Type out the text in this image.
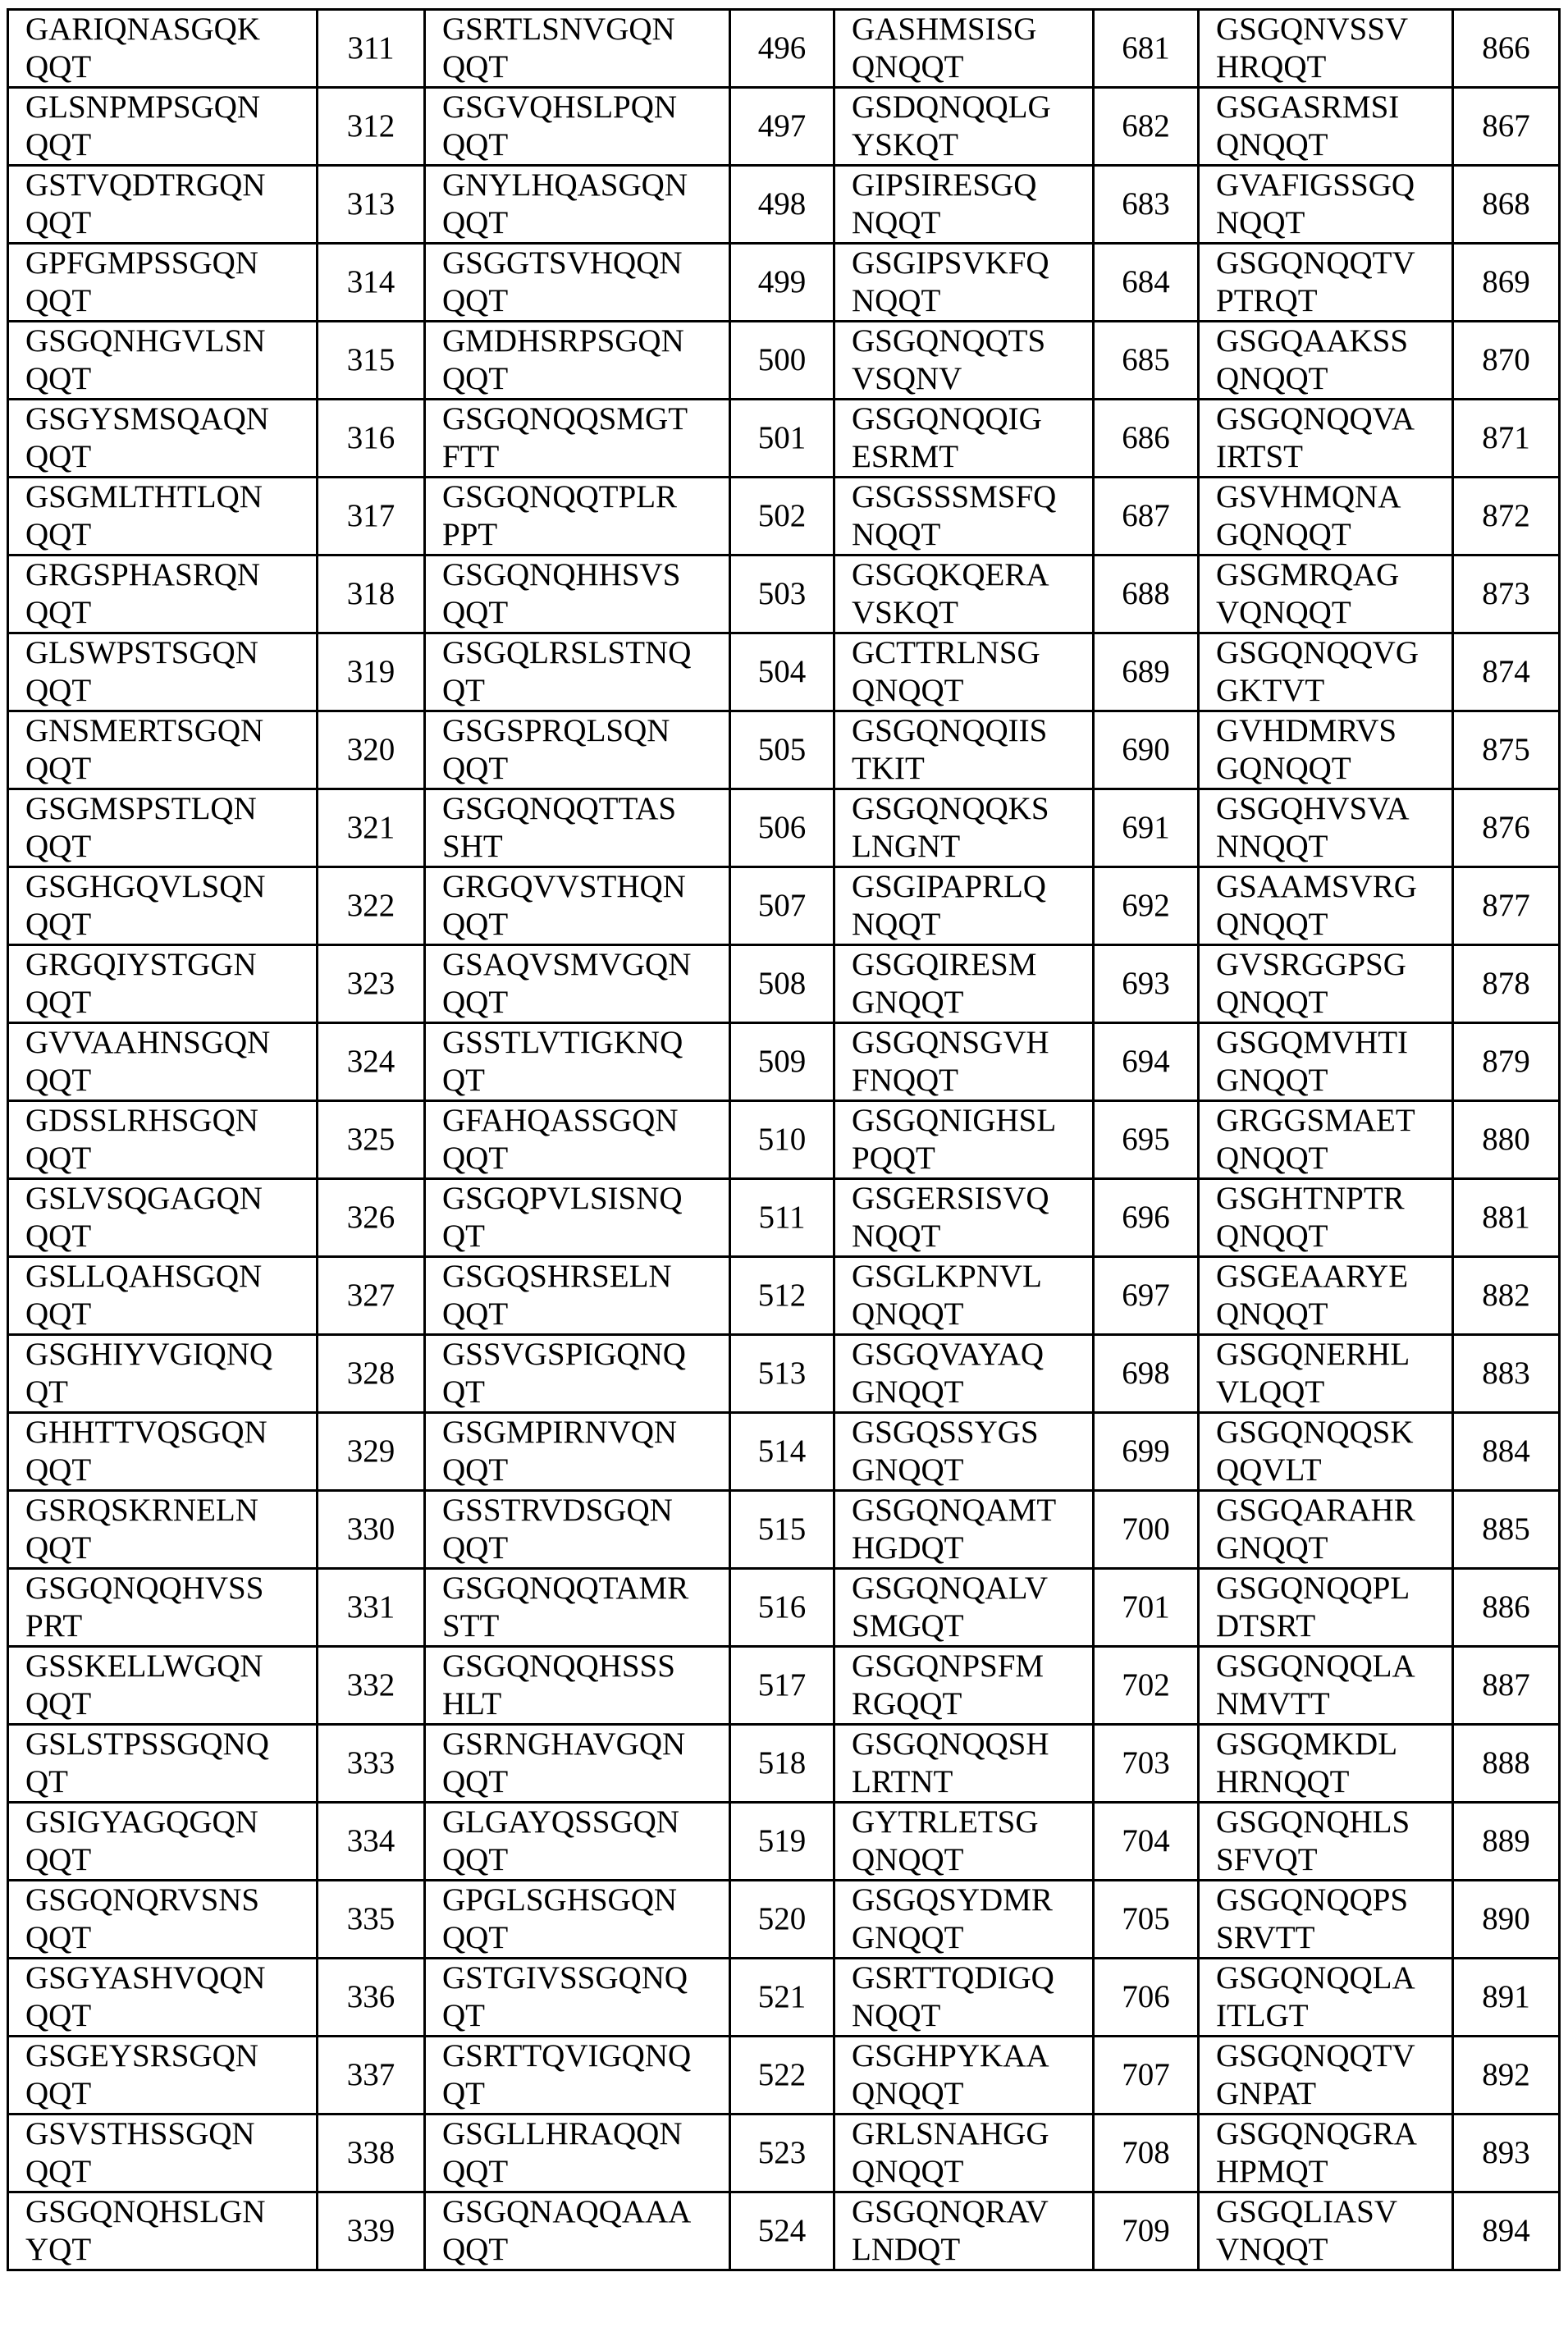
GARIQNASGQK
QQT
	311	
GSRTLSNVGQN
QQT
	496	
GASHMSISG
QNQQT
	681	
GSGQNVSSV
HRQQT
	866

GLSNPMPSGQN
QQT
	312	
GSGVQHSLPQN
QQT
	497	
GSDQNQQLG
YSKQT
	682	
GSGASRMSI
QNQQT
	867

GSTVQDTRGQN
QQT
	313	
GNYLHQASGQN
QQT
	498	
GIPSIRESGQ
NQQT
	683	
GVAFIGSSGQ
NQQT
	868

GPFGMPSSGQN
QQT
	314	
GSGGTSVHQQN
QQT
	499	
GSGIPSVKFQ
NQQT
	684	
GSGQNQQTV
PTRQT
	869

GSGQNHGVLSN
QQT
	315	
GMDHSRPSGQN
QQT
	500	
GSGQNQQTS
VSQNV
	685	
GSGQAAKSS
QNQQT
	870

GSGYSMSQAQN
QQT
	316	
GSGQNQQSMGT
FTT
	501	
GSGQNQQIG
ESRMT
	686	
GSGQNQQVA
IRTST
	871

GSGMLTHTLQN
QQT
	317	
GSGQNQQTPLR
PPT
	502	
GSGSSSMSFQ
NQQT
	687	
GSVHMQNA
GQNQQT
	872

GRGSPHASRQN
QQT
	318	
GSGQNQHHSVS
QQT
	503	
GSGQKQERA
VSKQT
	688	
GSGMRQAG
VQNQQT
	873

GLSWPSTSGQN
QQT
	319	
GSGQLRSLSTNQ
QT
	504	
GCTTRLNSG
QNQQT
	689	
GSGQNQQVG
GKTVT
	874

GNSMERTSGQN
QQT
	320	
GSGSPRQLSQN
QQT
	505	
GSGQNQQIIS
TKIT
	690	
GVHDMRVS
GQNQQT
	875

GSGMSPSTLQN
QQT
	321	
GSGQNQQTTAS
SHT
	506	
GSGQNQQKS
LNGNT
	691	
GSGQHVSVA
NNQQT
	876

GSGHGQVLSQN
QQT
	322	
GRGQVVSTHQN
QQT
	507	
GSGIPAPRLQ
NQQT
	692	
GSAAMSVRG
QNQQT
	877

GRGQIYSTGGN
QQT
	323	
GSAQVSMVGQN
QQT
	508	
GSGQIRESM
GNQQT
	693	
GVSRGGPSG
QNQQT
	878

GVVAAHNSGQN
QQT
	324	
GSSTLVTIGKNQ
QT
	509	
GSGQNSGVH
FNQQT
	694	
GSGQMVHTI
GNQQT
	879

GDSSLRHSGQN
QQT
	325	
GFAHQASSGQN
QQT
	510	
GSGQNIGHSL
PQQT
	695	
GRGGSMAET
QNQQT
	880

GSLVSQGAGQN
QQT
	326	
GSGQPVLSISNQ
QT
	511	
GSGERSISVQ
NQQT
	696	
GSGHTNPTR
QNQQT
	881

GSLLQAHSGQN
QQT
	327	
GSGQSHRSELN
QQT
	512	
GSGLKPNVL
QNQQT
	697	
GSGEAARYE
QNQQT
	882

GSGHIYVGIQNQ
QT
	328	
GSSVGSPIGQNQ
QT
	513	
GSGQVAYAQ
GNQQT
	698	
GSGQNERHL
VLQQT
	883

GHHTTVQSGQN
QQT
	329	
GSGMPIRNVQN
QQT
	514	
GSGQSSYGS
GNQQT
	699	
GSGQNQQSK
QQVLT
	884

GSRQSKRNELN
QQT
	330	
GSSTRVDSGQN
QQT
	515	
GSGQNQAMT
HGDQT
	700	
GSGQARAHR
GNQQT
	885

GSGQNQQHVSS
PRT
	331	
GSGQNQQTAMR
STT
	516	
GSGQNQALV
SMGQT
	701	
GSGQNQQPL
DTSRT
	886

GSSKELLWGQN
QQT
	332	
GSGQNQQHSSS
HLT
	517	
GSGQNPSFM
RGQQT
	702	
GSGQNQQLA
NMVTT
	887

GSLSTPSSGQNQ
QT
	333	
GSRNGHAVGQN
QQT
	518	
GSGQNQQSH
LRTNT
	703	
GSGQMKDL
HRNQQT
	888

GSIGYAGQGQN
QQT
	334	
GLGAYQSSGQN
QQT
	519	
GYTRLETSG
QNQQT
	704	
GSGQNQHLS
SFVQT
	889

GSGQNQRVSNS
QQT
	335	
GPGLSGHSGQN
QQT
	520	
GSGQSYDMR
GNQQT
	705	
GSGQNQQPS
SRVTT
	890

GSGYASHVQQN
QQT
	336	
GSTGIVSSGQNQ
QT
	521	
GSRTTQDIGQ
NQQT
	706	
GSGQNQQLA
ITLGT
	891

GSGEYSRSGQN
QQT
	337	
GSRTTQVIGQNQ
QT
	522	
GSGHPYKAA
QNQQT
	707	
GSGQNQQTV
GNPAT
	892

GSVSTHSSGQN
QQT
	338	
GSGLLHRAQQN
QQT
	523	
GRLSNAHGG
QNQQT
	708	
GSGQNQGRA
HPMQT
	893

GSGQNQHSLGN
YQT
	339	
GSGQNAQQAAA
QQT
	524	
GSGQNQRAV
LNDQT
	709	
GSGQLIASV
VNQQT
	894
